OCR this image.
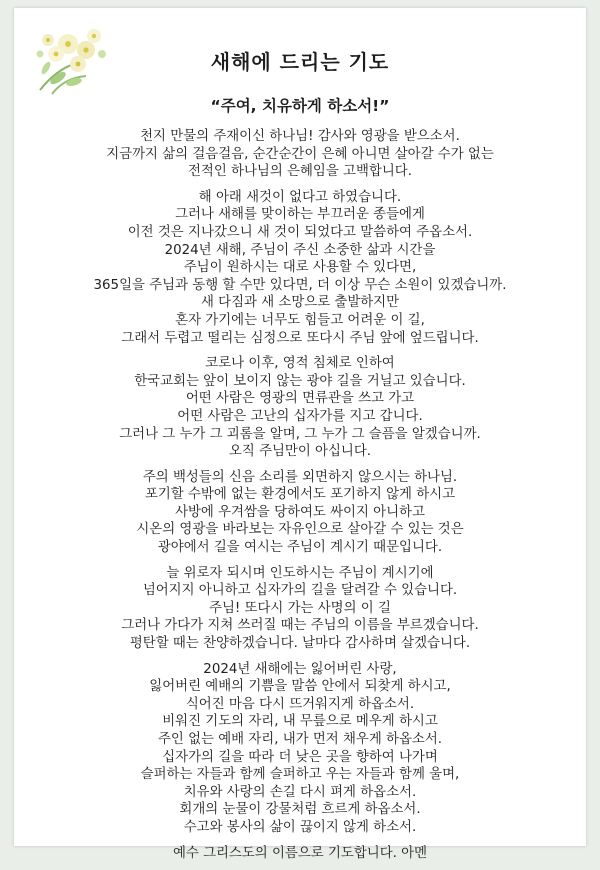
새해에 드리는 기도
“주여, 치유하게 하소서!”
천지 만물의 주재이신 하나님! 감사와 영광을 받으소서.
지금까지 삶의 걸음걸음, 순간순간이 은혜 아니면 살아갈 수가 없는
전적인 하나님의 은혜임을 고백합니다.
해 아래 새것이 없다고 하였습니다.
그러나 새해를 맞이하는 부끄러운 종들에게
이전 것은 지나갔으니 새 것이 되었다고 말씀하여 주옵소서.
2024년 새해, 주님이 주신 소중한 삶과 시간을
주님이 원하시는 대로 사용할 수 있다면,
365일을 주님과 동행 할 수만 있다면, 더 이상 무슨 소원이 있겠습니까.
새 다짐과 새 소망으로 출발하지만
혼자 가기에는 너무도 힘들고 어려운 이 길,
그래서 두렵고 떨리는 심정으로 또다시 주님 앞에 엎드립니다.
코로나 이후, 영적 침체로 인하여
한국교회는 앞이 보이지 않는 광야 길을 거닐고 있습니다.
어떤 사람은 영광의 면류관을 쓰고 가고
어떤 사람은 고난의 십자가를 지고 갑니다.
그러나 그 누가 그 괴롬을 알며, 그 누가 그 슬픔을 알겠습니까.
오직 주님만이 아십니다.
주의 백성들의 신음 소리를 외면하지 않으시는 하나님.
포기할 수밖에 없는 환경에서도 포기하지 않게 하시고
사방에 우겨쌈을 당하여도 싸이지 아니하고
시온의 영광을 바라보는 자유인으로 살아갈 수 있는 것은
광야에서 길을 여시는 주님이 계시기 때문입니다.
늘 위로자 되시며 인도하시는 주님이 계시기에
넘어지지 아니하고 십자가의 길을 달려갈 수 있습니다.
주님! 또다시 가는 사명의 이 길
그러나 가다가 지쳐 쓰러질 때는 주님의 이름을 부르겠습니다.
평탄할 때는 찬양하겠습니다. 날마다 감사하며 살겠습니다.
2024년 새해에는 잃어버린 사랑,
잃어버린 예배의 기쁨을 말씀 안에서 되찾게 하시고,
식어진 마음 다시 뜨거워지게 하옵소서.
비워진 기도의 자리, 내 무릎으로 메우게 하시고
주인 없는 예배 자리, 내가 먼저 채우게 하옵소서.
십자가의 길을 따라 더 낮은 곳을 향하여 나가며
슬퍼하는 자들과 함께 슬퍼하고 우는 자들과 함께 울며,
치유와 사랑의 손길 다시 펴게 하옵소서.
회개의 눈물이 강물처럼 흐르게 하옵소서.
수고와 봉사의 삶이 끊이지 않게 하소서.
예수 그리스도의 이름으로 기도합니다. 아멘
